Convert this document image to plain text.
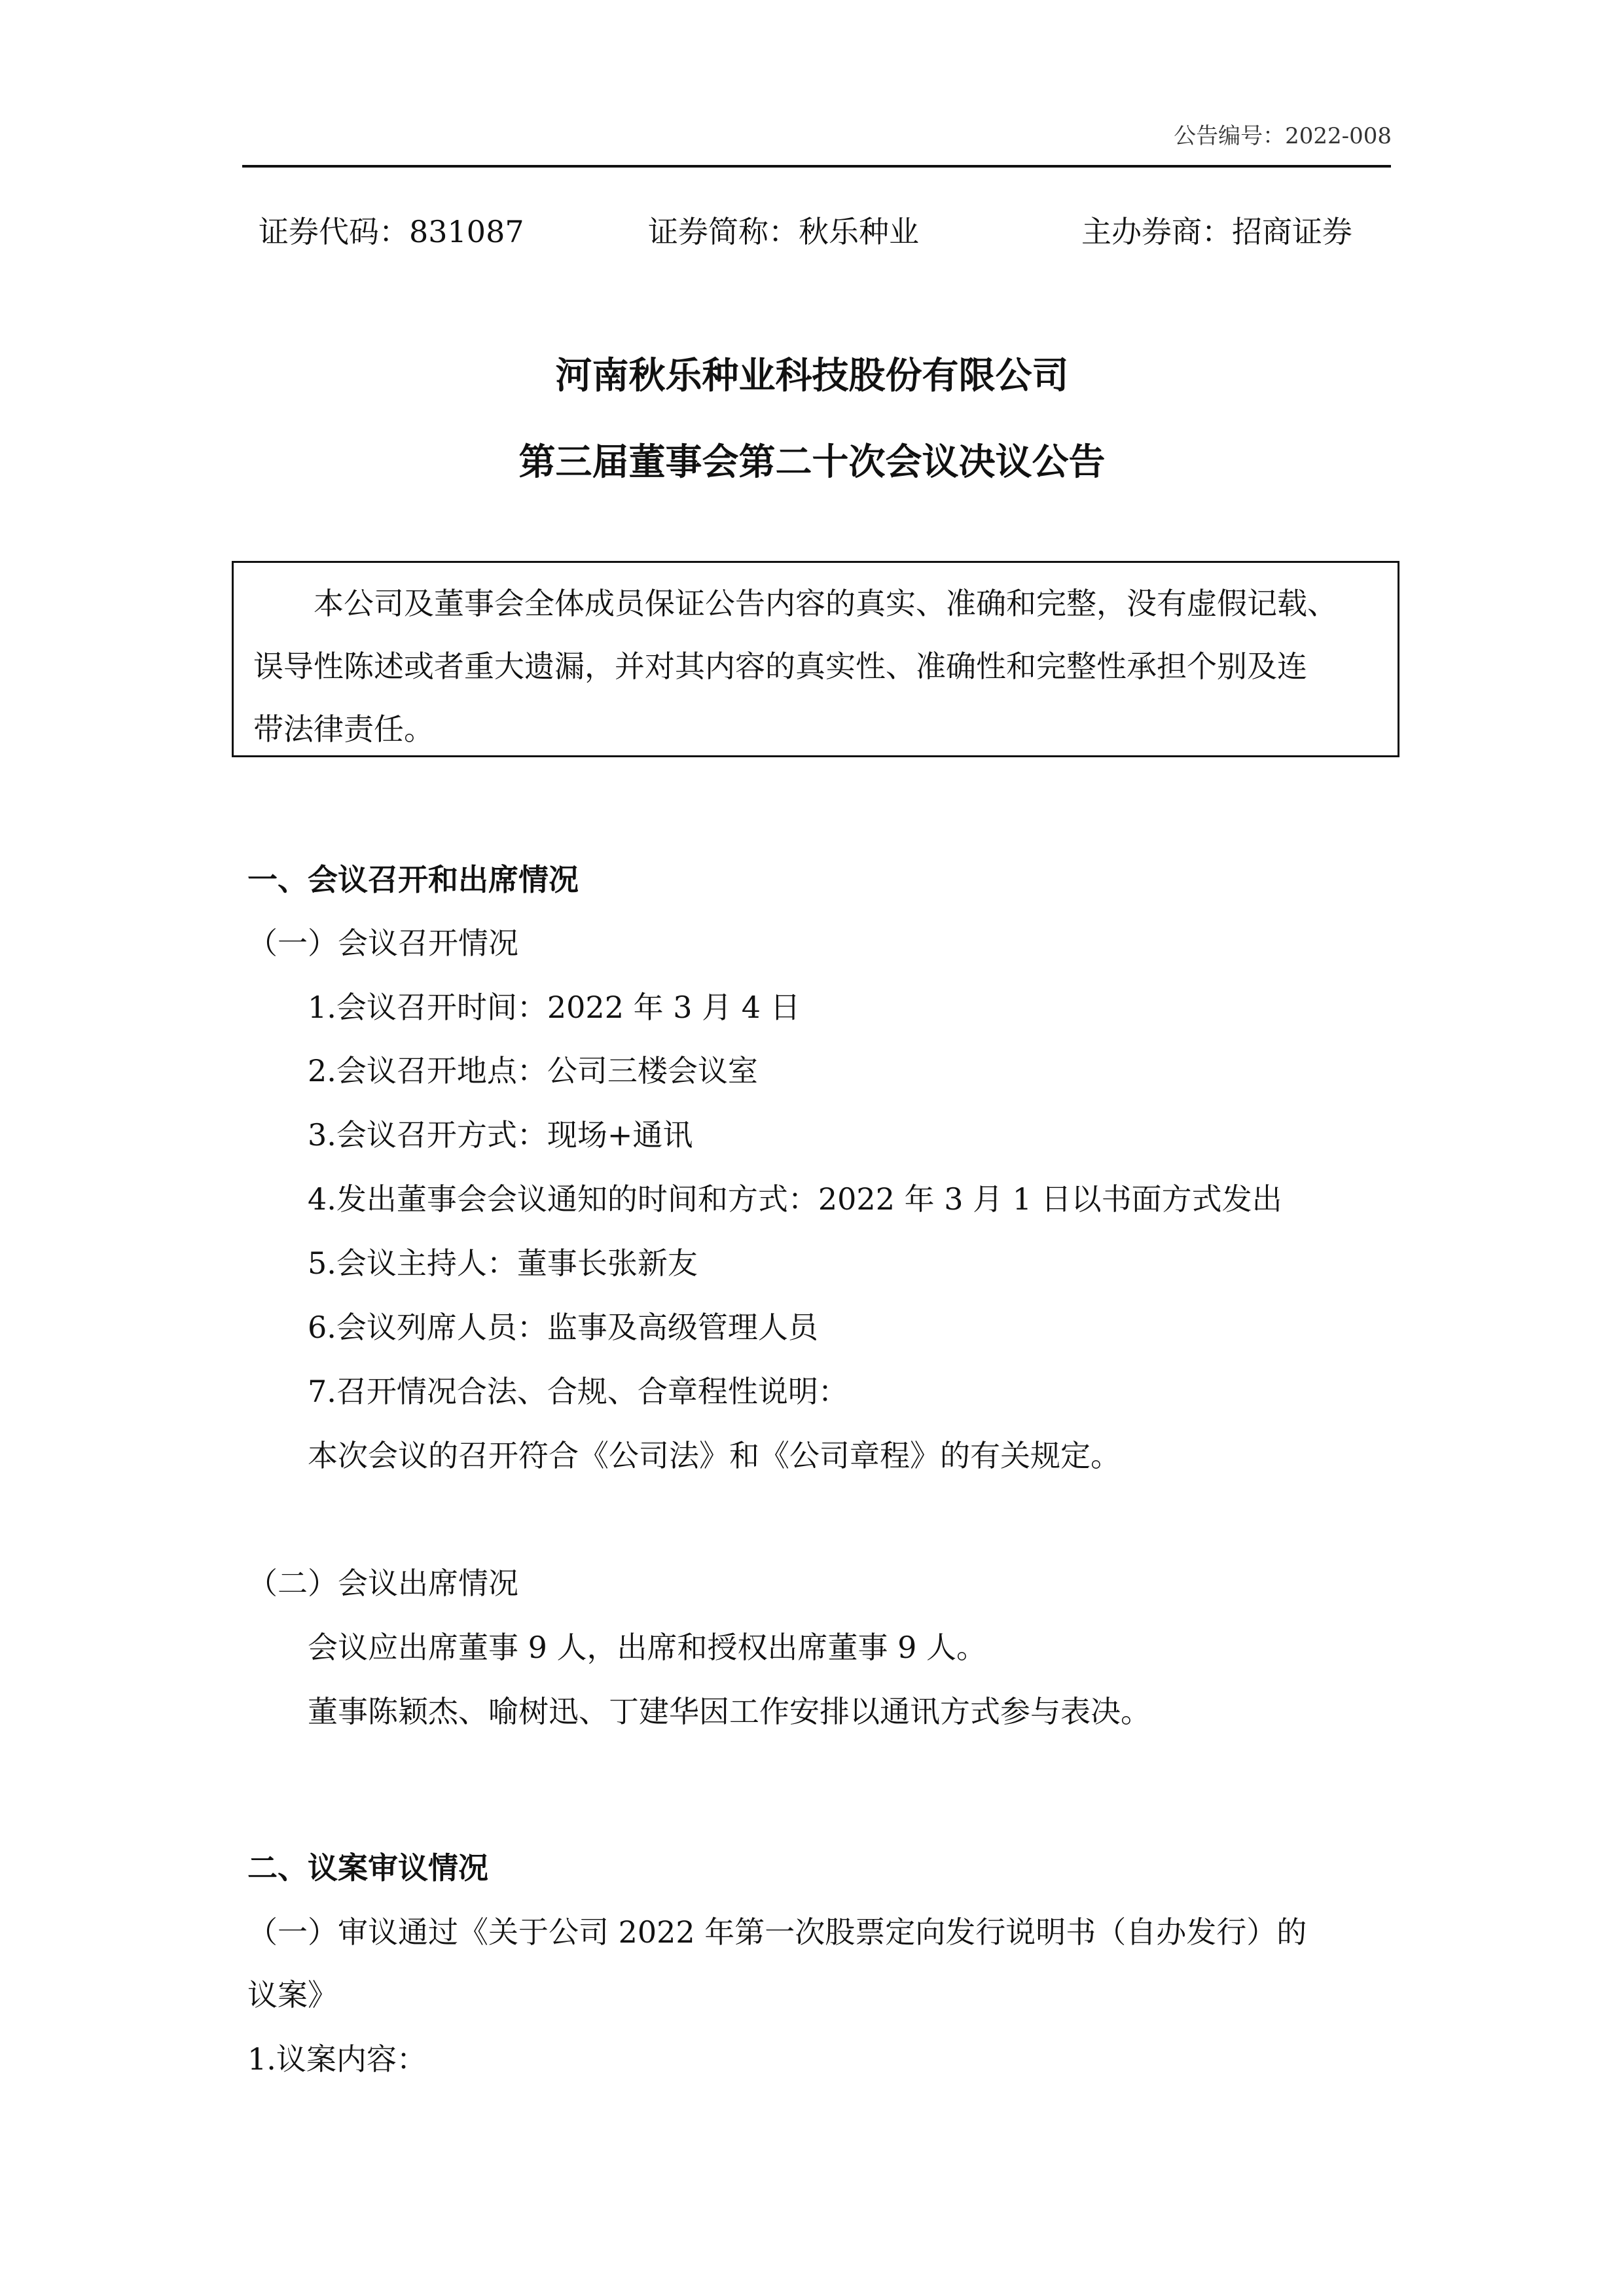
公告编号：2022-008
证券代码：831087	证券简称：秋乐种业	主办券商：招商证券
河南秋乐种业科技股份有限公司
第三届董事会第二十次会议决议公告
本公司及董事会全体成员保证公告内容的真实、准确和完整，没有虚假记载、
误导性陈述或者重大遗漏，并对其内容的真实性、准确性和完整性承担个别及连
带法律责任。
一、会议召开和出席情况
（一）会议召开情况
1.会议召开时间：2022 年 3 月 4 日
2.会议召开地点：公司三楼会议室
3.会议召开方式：现场+通讯
4.发出董事会会议通知的时间和方式：2022 年 3 月 1 日以书面方式发出
5.会议主持人：董事长张新友
6.会议列席人员：监事及高级管理人员
7.召开情况合法、合规、合章程性说明：
本次会议的召开符合《公司法》和《公司章程》的有关规定。
（二）会议出席情况
会议应出席董事 9 人，出席和授权出席董事 9 人。
董事陈颖杰、喻树迅、丁建华因工作安排以通讯方式参与表决。
二、议案审议情况
（一）审议通过《关于公司 2022 年第一次股票定向发行说明书（自办发行）的
议案》
1.议案内容：
